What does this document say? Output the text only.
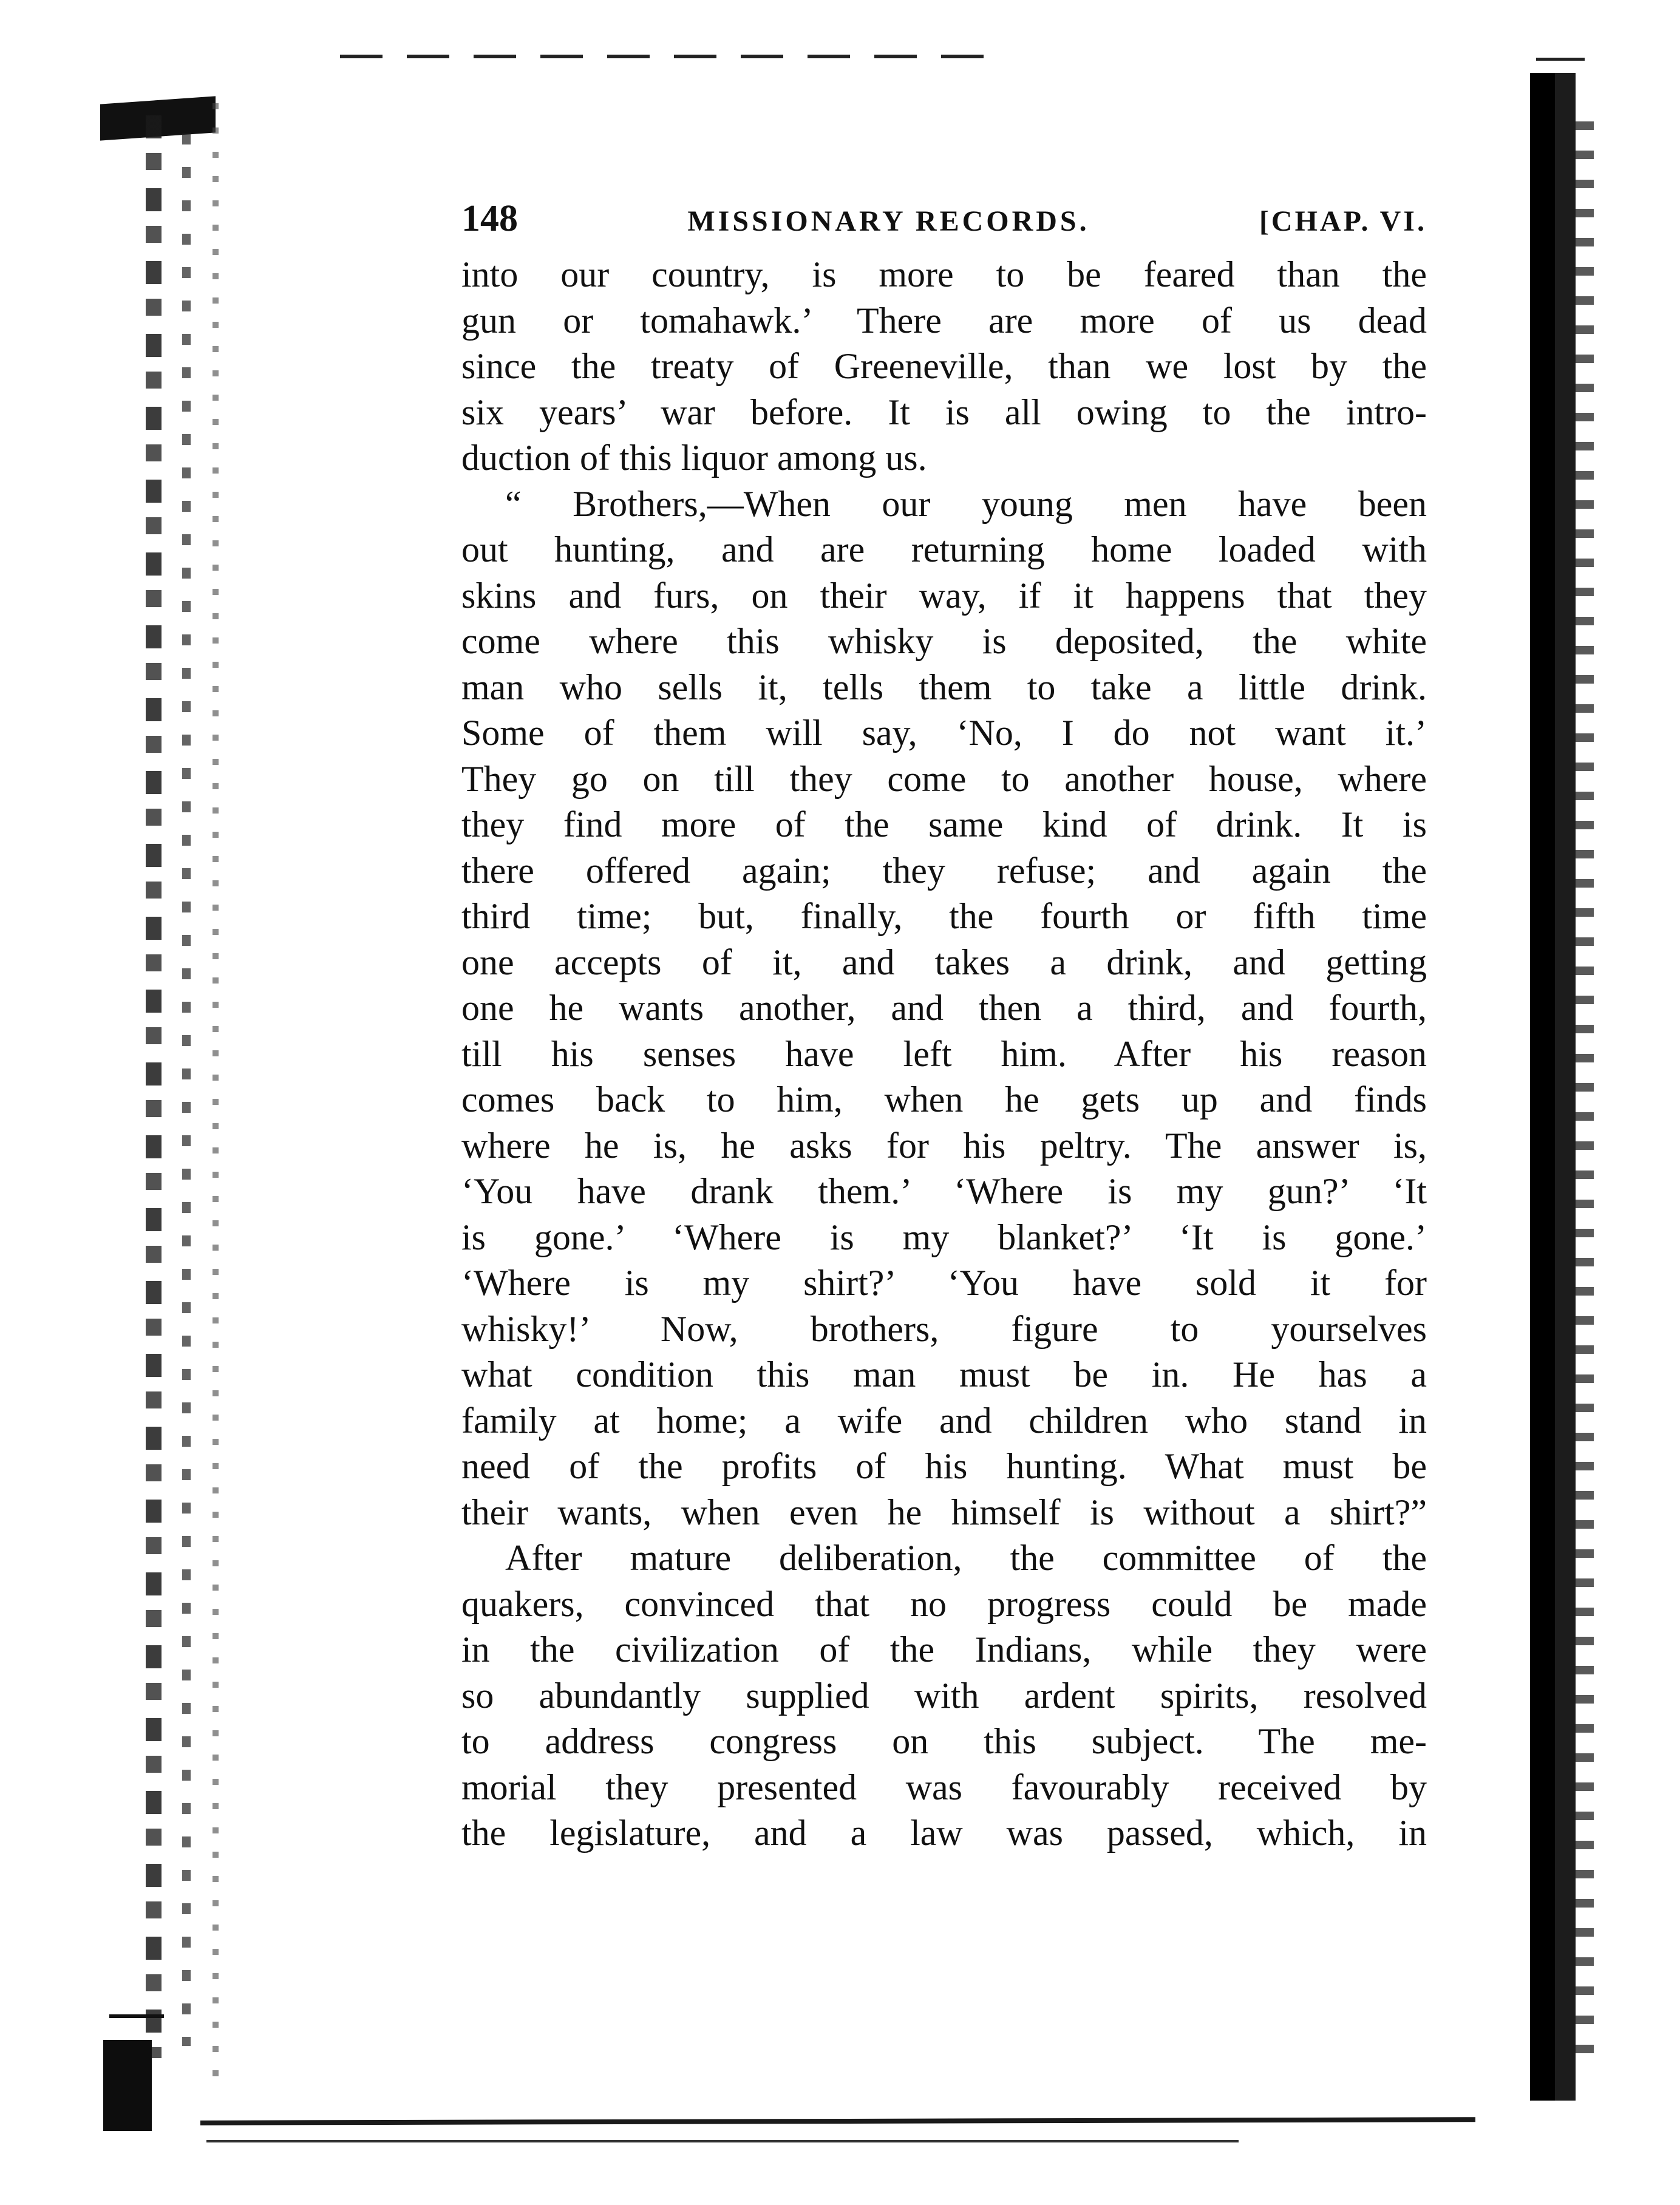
148	MISSIONARY RECORDS.	[CHAP. VI.
into our country, is more to be feared than the
gun or tomahawk.’ There are more of us dead
since the treaty of Greeneville, than we lost by the
six years’ war before. It is all owing to the intro-
duction of this liquor among us.
“ Brothers,—When our young men have been
out hunting, and are returning home loaded with
skins and furs, on their way, if it happens that they
come where this whisky is deposited, the white
man who sells it, tells them to take a little drink.
Some of them will say, ‘No, I do not want it.’
They go on till they come to another house, where
they find more of the same kind of drink. It is
there offered again; they refuse; and again the
third time; but, finally, the fourth or fifth time
one accepts of it, and takes a drink, and getting
one he wants another, and then a third, and fourth,
till his senses have left him. After his reason
comes back to him, when he gets up and finds
where he is, he asks for his peltry. The answer is,
‘You have drank them.’ ‘Where is my gun?’ ‘It
is gone.’ ‘Where is my blanket?’ ‘It is gone.’
‘Where is my shirt?’ ‘You have sold it for
whisky!’ Now, brothers, figure to yourselves
what condition this man must be in. He has a
family at home; a wife and children who stand in
need of the profits of his hunting. What must be
their wants, when even he himself is without a shirt?”
After mature deliberation, the committee of the
quakers, convinced that no progress could be made
in the civilization of the Indians, while they were
so abundantly supplied with ardent spirits, resolved
to address congress on this subject. The me-
morial they presented was favourably received by
the legislature, and a law was passed, which, in
